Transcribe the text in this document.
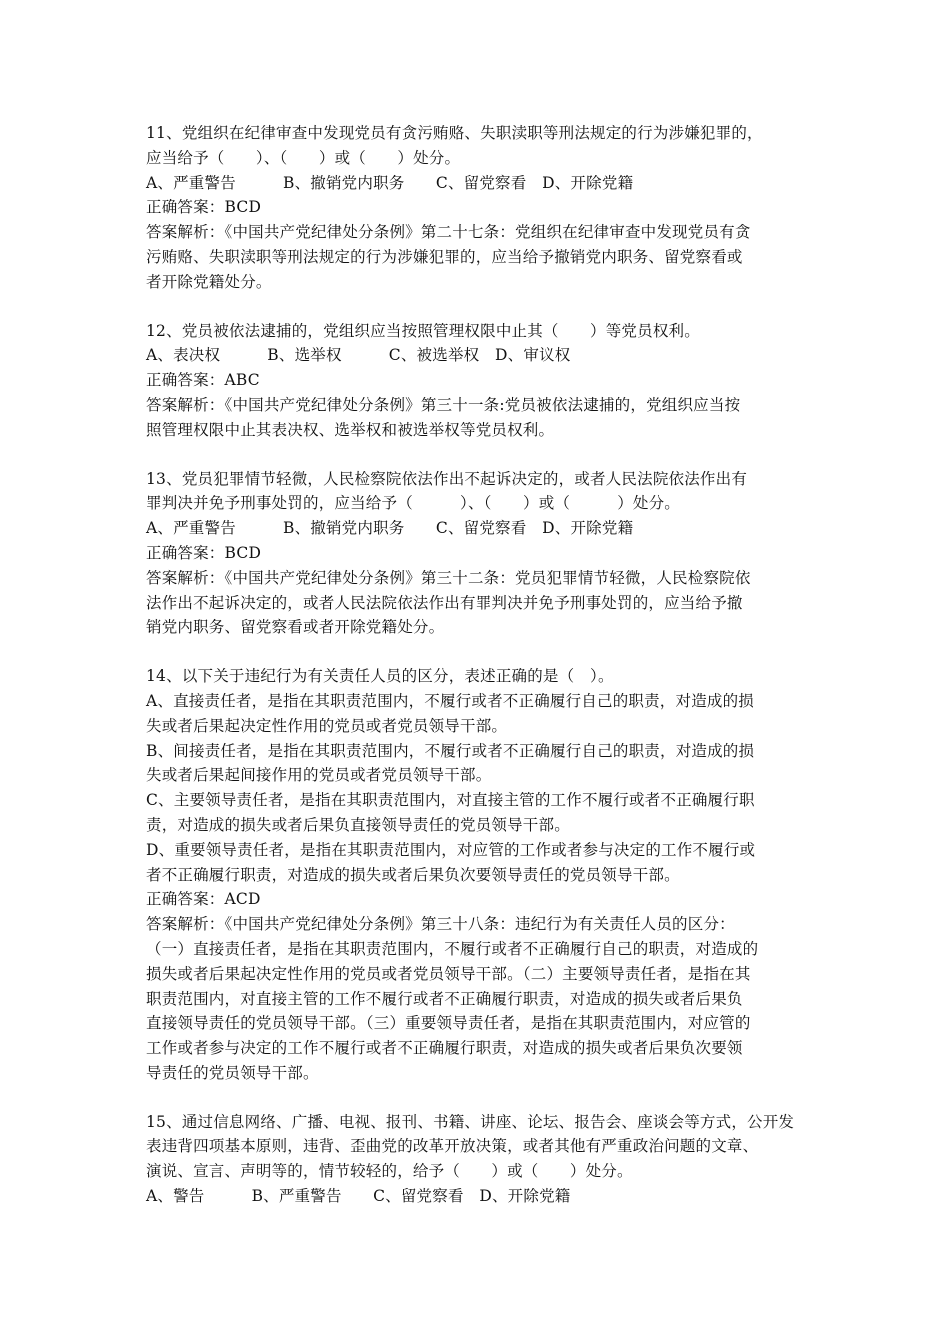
11、党组织在纪律审查中发现党员有贪污贿赂、失职渎职等刑法规定的行为涉嫌犯罪的，

应当给予（　　）、（　　）或（　　）处分。

A、严重警告　　　B、撤销党内职务　　C、留党察看　D、开除党籍

正确答案：BCD

答案解析：《中国共产党纪律处分条例》第二十七条：党组织在纪律审查中发现党员有贪

污贿赂、失职渎职等刑法规定的行为涉嫌犯罪的，应当给予撤销党内职务、留党察看或

者开除党籍处分。

12、党员被依法逮捕的，党组织应当按照管理权限中止其（　　）等党员权利。

A、表决权　　　B、选举权　　　C、被选举权　D、审议权

正确答案：ABC

答案解析：《中国共产党纪律处分条例》第三十一条:党员被依法逮捕的，党组织应当按

照管理权限中止其表决权、选举权和被选举权等党员权利。

13、党员犯罪情节轻微，人民检察院依法作出不起诉决定的，或者人民法院依法作出有

罪判决并免予刑事处罚的，应当给予（　　　）、（　　）或（　　　）处分。

A、严重警告　　　B、撤销党内职务　　C、留党察看　D、开除党籍

正确答案：BCD

答案解析：《中国共产党纪律处分条例》第三十二条：党员犯罪情节轻微，人民检察院依

法作出不起诉决定的，或者人民法院依法作出有罪判决并免予刑事处罚的，应当给予撤

销党内职务、留党察看或者开除党籍处分。

14、以下关于违纪行为有关责任人员的区分，表述正确的是（　）。

A、直接责任者，是指在其职责范围内，不履行或者不正确履行自己的职责，对造成的损

失或者后果起决定性作用的党员或者党员领导干部。

B、间接责任者，是指在其职责范围内，不履行或者不正确履行自己的职责，对造成的损

失或者后果起间接作用的党员或者党员领导干部。

C、主要领导责任者，是指在其职责范围内，对直接主管的工作不履行或者不正确履行职

责，对造成的损失或者后果负直接领导责任的党员领导干部。

D、重要领导责任者，是指在其职责范围内，对应管的工作或者参与决定的工作不履行或

者不正确履行职责，对造成的损失或者后果负次要领导责任的党员领导干部。

正确答案：ACD

答案解析：《中国共产党纪律处分条例》第三十八条：违纪行为有关责任人员的区分：

（一）直接责任者，是指在其职责范围内，不履行或者不正确履行自己的职责，对造成的

损失或者后果起决定性作用的党员或者党员领导干部。（二）主要领导责任者，是指在其

职责范围内，对直接主管的工作不履行或者不正确履行职责，对造成的损失或者后果负

直接领导责任的党员领导干部。（三）重要领导责任者，是指在其职责范围内，对应管的

工作或者参与决定的工作不履行或者不正确履行职责，对造成的损失或者后果负次要领

导责任的党员领导干部。

15、通过信息网络、广播、电视、报刊、书籍、讲座、论坛、报告会、座谈会等方式，公开发

表违背四项基本原则，违背、歪曲党的改革开放决策，或者其他有严重政治问题的文章、

演说、宣言、声明等的，情节较轻的，给予（　　）或（　　）处分。

A、警告　　　B、严重警告　　C、留党察看　D、开除党籍
